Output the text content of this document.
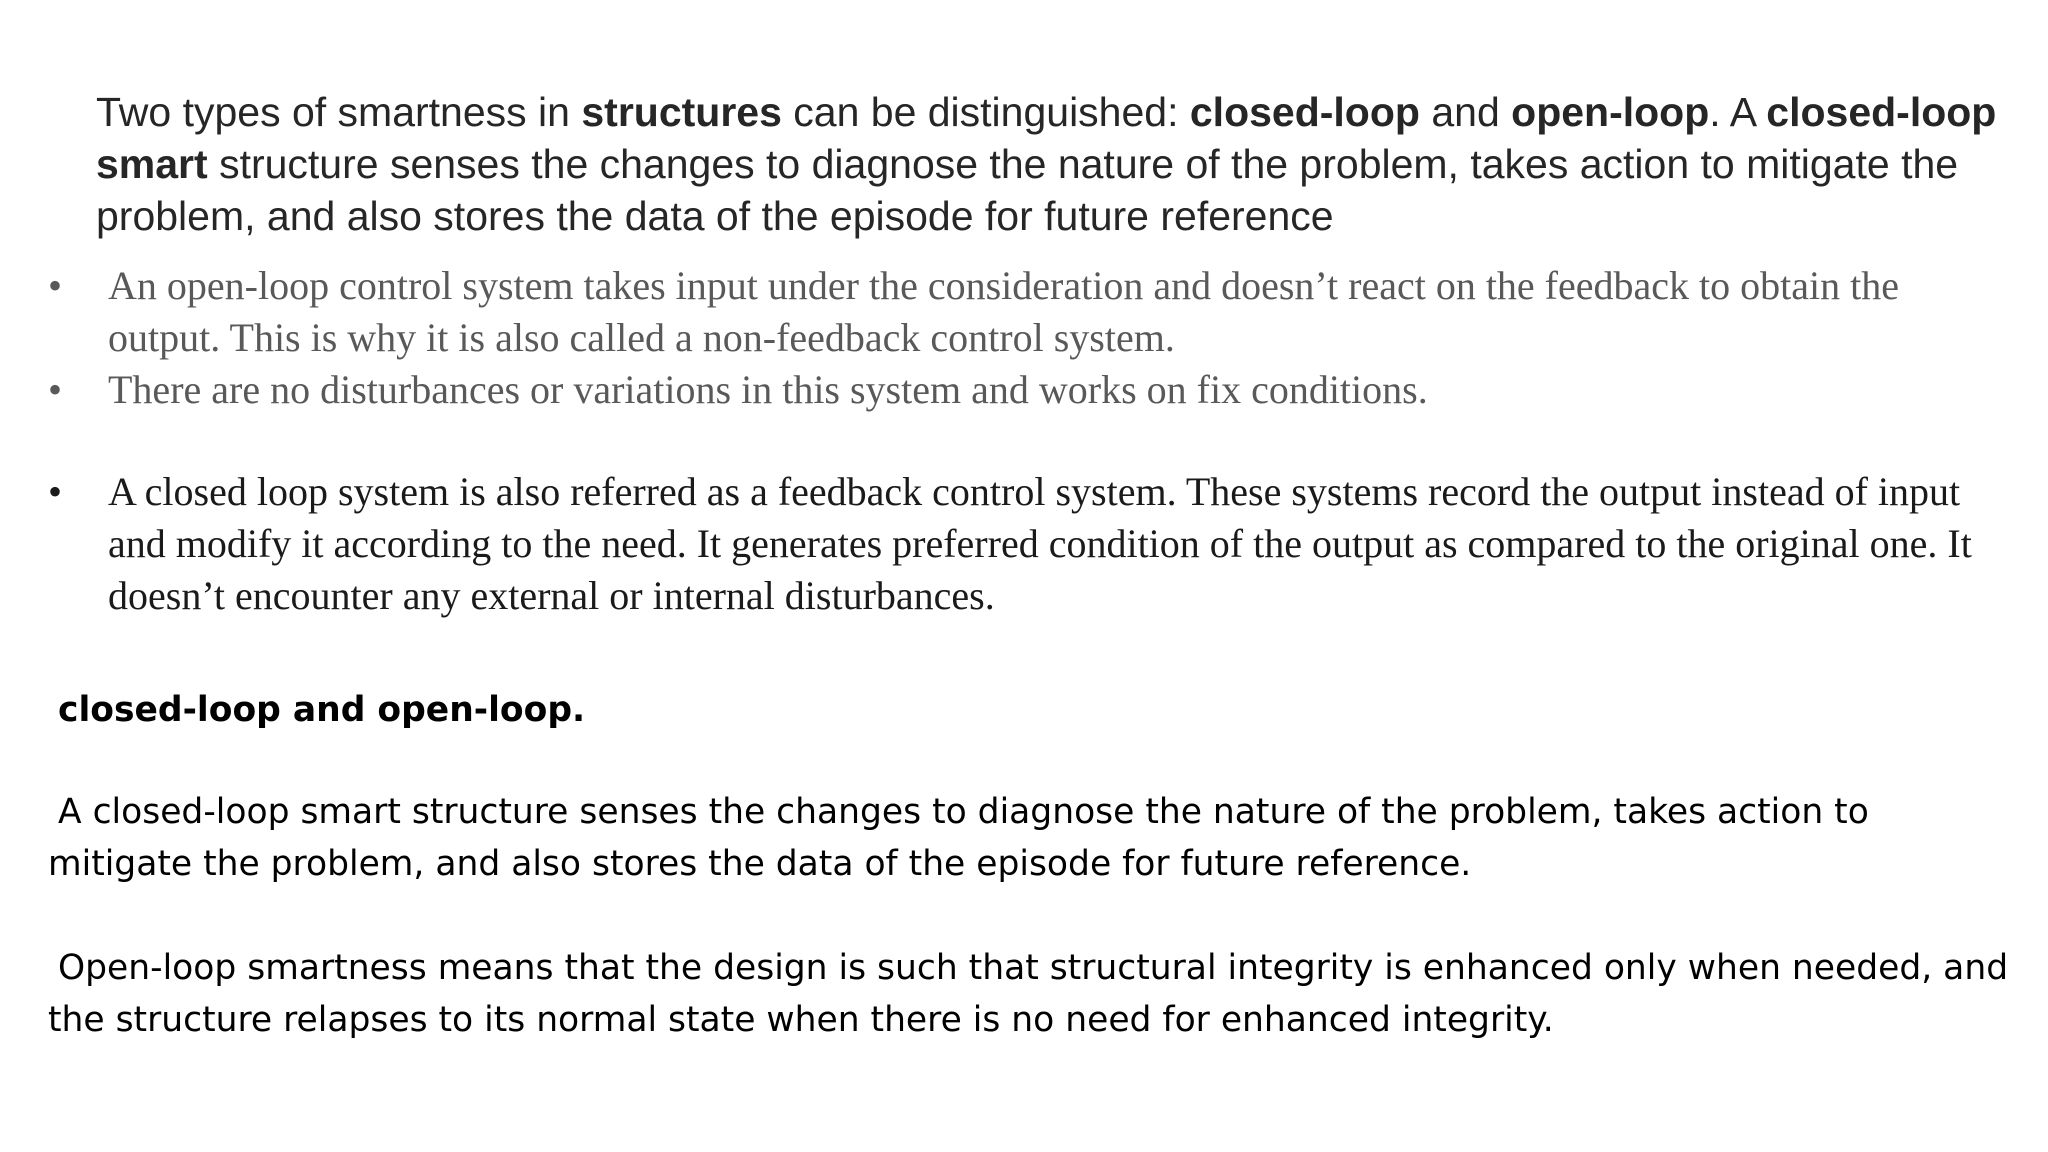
Two types of smartness in structures can be distinguished: closed-loop and open-loop. A closed-loop smart structure senses the changes to diagnose the nature of the problem, takes action to mitigate the problem, and also stores the data of the episode for future reference
•	An open-loop control system takes input under the consideration and doesn’t react on the feedback to obtain the output. This is why it is also called a non-feedback control system.
•	There are no disturbances or variations in this system and works on fix conditions.
•	A closed loop system is also referred as a feedback control system. These systems record the output instead of input and modify it according to the need. It generates preferred condition of the output as compared to the original one. It doesn’t encounter any external or internal disturbances.
closed-loop and open-loop.
A closed-loop smart structure senses the changes to diagnose the nature of the problem, takes action to
mitigate the problem, and also stores the data of the episode for future reference.
Open-loop smartness means that the design is such that structural integrity is enhanced only when needed, and
the structure relapses to its normal state when there is no need for enhanced integrity.
